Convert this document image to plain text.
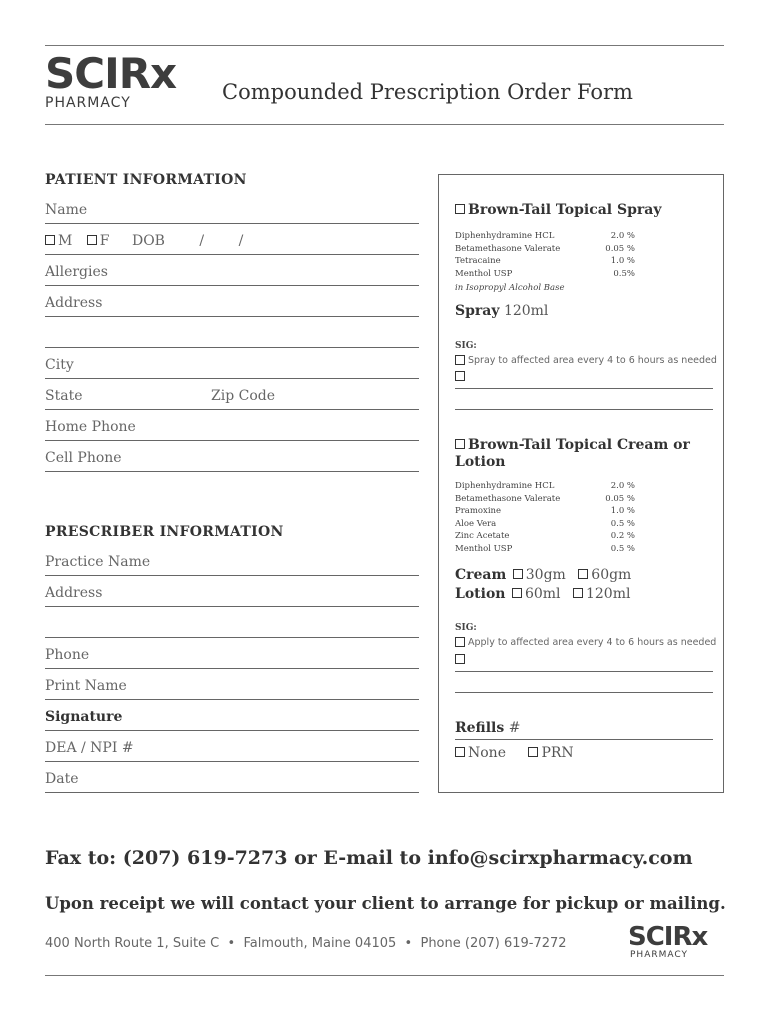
SCIRx
PHARMACY	Compounded Prescription Order Form
PATIENT INFORMATION
Name
M F DOB / /
Allergies
Address
City
State	Zip Code
Home Phone
Cell Phone
PRESCRIBER INFORMATION
Practice Name
Address
Phone
Print Name
Signature
DEA / NPI #
Date
Brown-Tail Topical Spray
Diphenhydramine HCL	2.0 %
Betamethasone Valerate	0.05 %
Tetracaine	1.0 %
Menthol USP	0.5%
in Isopropyl Alcohol Base
Spray 120ml
SIG:
Spray to affected area every 4 to 6 hours as needed
Brown-Tail Topical Cream or
Lotion
Diphenhydramine HCL	2.0 %
Betamethasone Valerate	0.05 %
Pramoxine	1.0 %
Aloe Vera	0.5 %
Zinc Acetate	0.2 %
Menthol USP	0.5 %
Cream 30gm 60gm
Lotion 60ml 120ml
SIG:
Apply to affected area every 4 to 6 hours as needed
Refills #
None	PRN
Fax to: (207) 619-7273 or E-mail to info@scirxpharmacy.com
Upon receipt we will contact your client to arrange for pickup or mailing.
400 North Route 1, Suite C  •  Falmouth, Maine 04105  •  Phone (207) 619-7272 SCIRx
PHARMACY
